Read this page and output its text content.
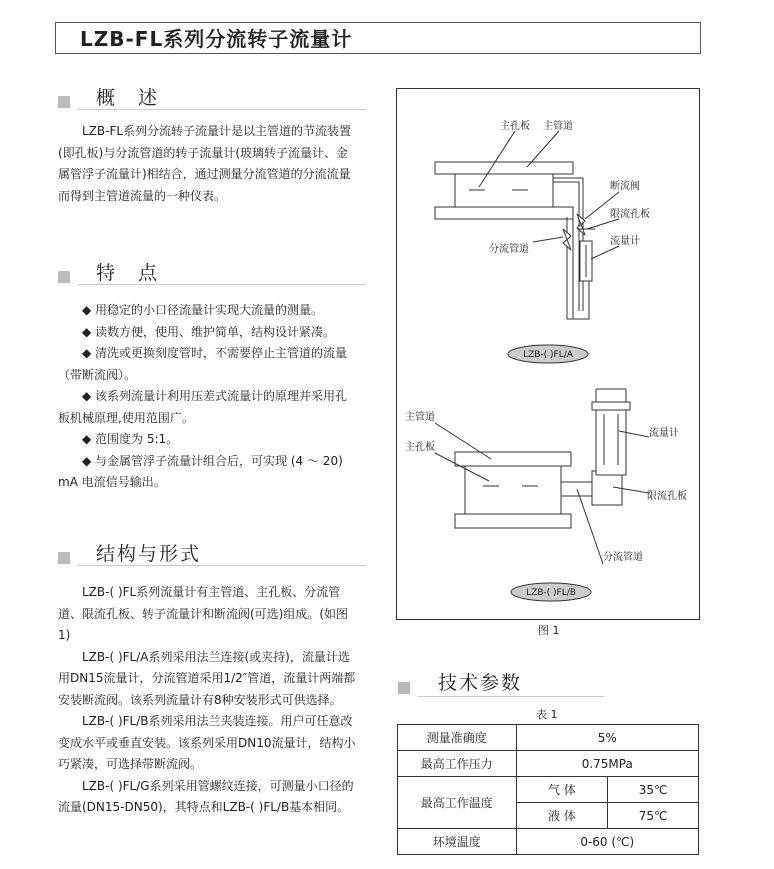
LZB-FL系列分流转子流量计
概　述

LZB-FL系列分流转子流量计是以主管道的节流装置(即孔板)与分流管道的转子流量计(玻璃转子流量计、金属管浮子流量计)相结合，通过测量分流管道的分流流量而得到主管道流量的一种仪表。

特　点

◆ 用稳定的小口径流量计实现大流量的测量。

◆ 读数方便，使用、维护简单，结构设计紧凑。

◆ 清洗或更换刻度管时，不需要停止主管道的流量（带断流阀）。

◆ 该系列流量计利用压差式流量计的原理并采用孔板机械原理,使用范围广。

◆ 范围度为 5:1。

◆ 与金属管浮子流量计组合后，可实现 (4 ～ 20) mA 电流信号输出。

结构与形式

LZB-( )FL系列流量计有主管道、主孔板、分流管道、限流孔板、转子流量计和断流阀(可选)组成。(如图1)

LZB-( )FL/A系列采用法兰连接(或夹持)，流量计选用DN15流量计，分流管道采用1/2″管道，流量计两端都安装断流阀。该系列流量计有8种安装形式可供选择。

LZB-( )FL/B系列采用法兰夹装连接。用户可任意改变成水平或垂直安装。该系列采用DN10流量计，结构小巧紧凑，可选择带断流阀。

LZB-( )FL/G系列采用管螺纹连接，可测量小口径的流量(DN15-DN50)，其特点和LZB-( )FL/B基本相同。

主孔板 主管道
断流阀
限流孔板
流量计
分流管道
LZB-( )FL/A
主管道
主孔板
流量计
限流孔板
分流管道
LZB-( )FL/B
图 1
技术参数
表 1
测量准确度	5%	
最高工作压力	0.75MPa	
最高工作温度	气 体	35℃
	液 体	75℃
环境温度	0-60 (℃)	
